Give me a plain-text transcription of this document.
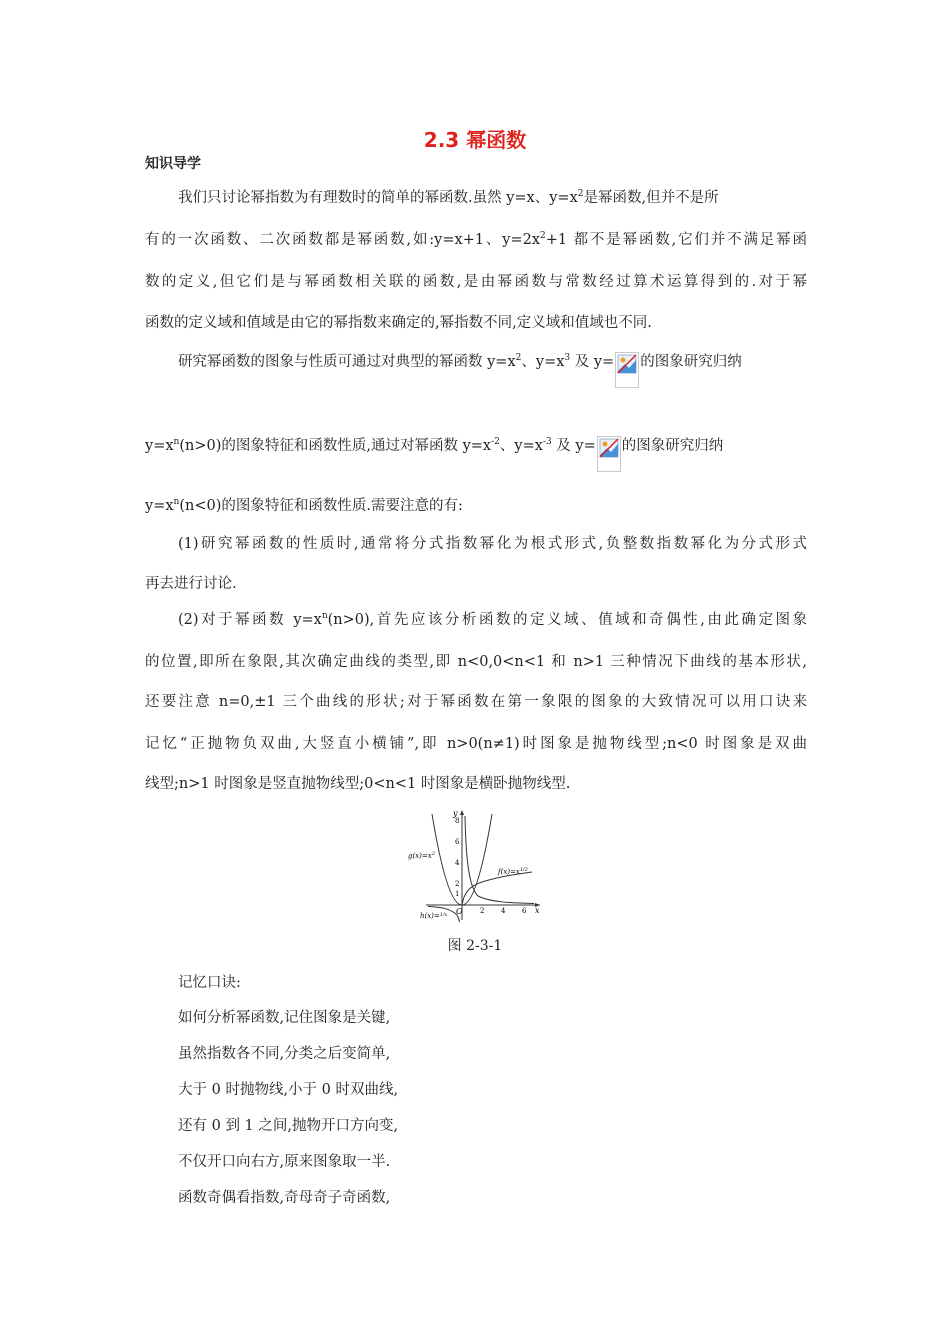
2.3 幂函数
知识导学
我们只讨论幂指数为有理数时的简单的幂函数.虽然 y=x、$y=x^2$是幂函数,但并不是所
有的一次函数、二次函数都是幂函数,如:y=x+1、$y=2x^2+1$ 都不是幂函数,它们并不满足幂函
数的定义,但它们是与幂函数相关联的函数,是由幂函数与常数经过算术运算得到的.对于幂
函数的定义域和值域是由它的幂指数来确定的,幂指数不同,定义域和值域也不同.
研究幂函数的图象与性质可通过对典型的幂函数 $y=x^2$、$y=x^3$ 及 y= 的图象研究归纳
$y=x^n(n>0)$的图象特征和函数性质,通过对幂函数 $y=x^{-2}$、$y=x^{-3}$ 及 y= 的图象研究归纳
$y=x^n(n<0)$的图象特征和函数性质.需要注意的有:
(1)研究幂函数的性质时,通常将分式指数幂化为根式形式,负整数指数幂化为分式形式
再去进行讨论.
(2)对于幂函数 $y=x^n(n>0)$,首先应该分析函数的定义域、值域和奇偶性,由此确定图象
的位置,即所在象限,其次确定曲线的类型,即 n<0,0<n<1 和 n>1 三种情况下曲线的基本形状,
还要注意 n=0,±1 三个曲线的形状;对于幂函数在第一象限的图象的大致情况可以用口诀来
记忆“正抛物负双曲,大竖直小横铺”,即 n>0(n≠1)时图象是抛物线型;n<0 时图象是双曲
线型;n>1 时图象是竖直抛物线型;0<n<1 时图象是横卧抛物线型.
y
x
O
8
6
4
2
1
2 4 6
$g(x)=x^2$
$f(x)=x^{1/2}$
h(x)=$^{1/x}$
图 2-3-1
记忆口诀:
如何分析幂函数,记住图象是关键,
虽然指数各不同,分类之后变简单,
大于 0 时抛物线,小于 0 时双曲线,
还有 0 到 1 之间,抛物开口方向变,
不仅开口向右方,原来图象取一半.
函数奇偶看指数,奇母奇子奇函数,
